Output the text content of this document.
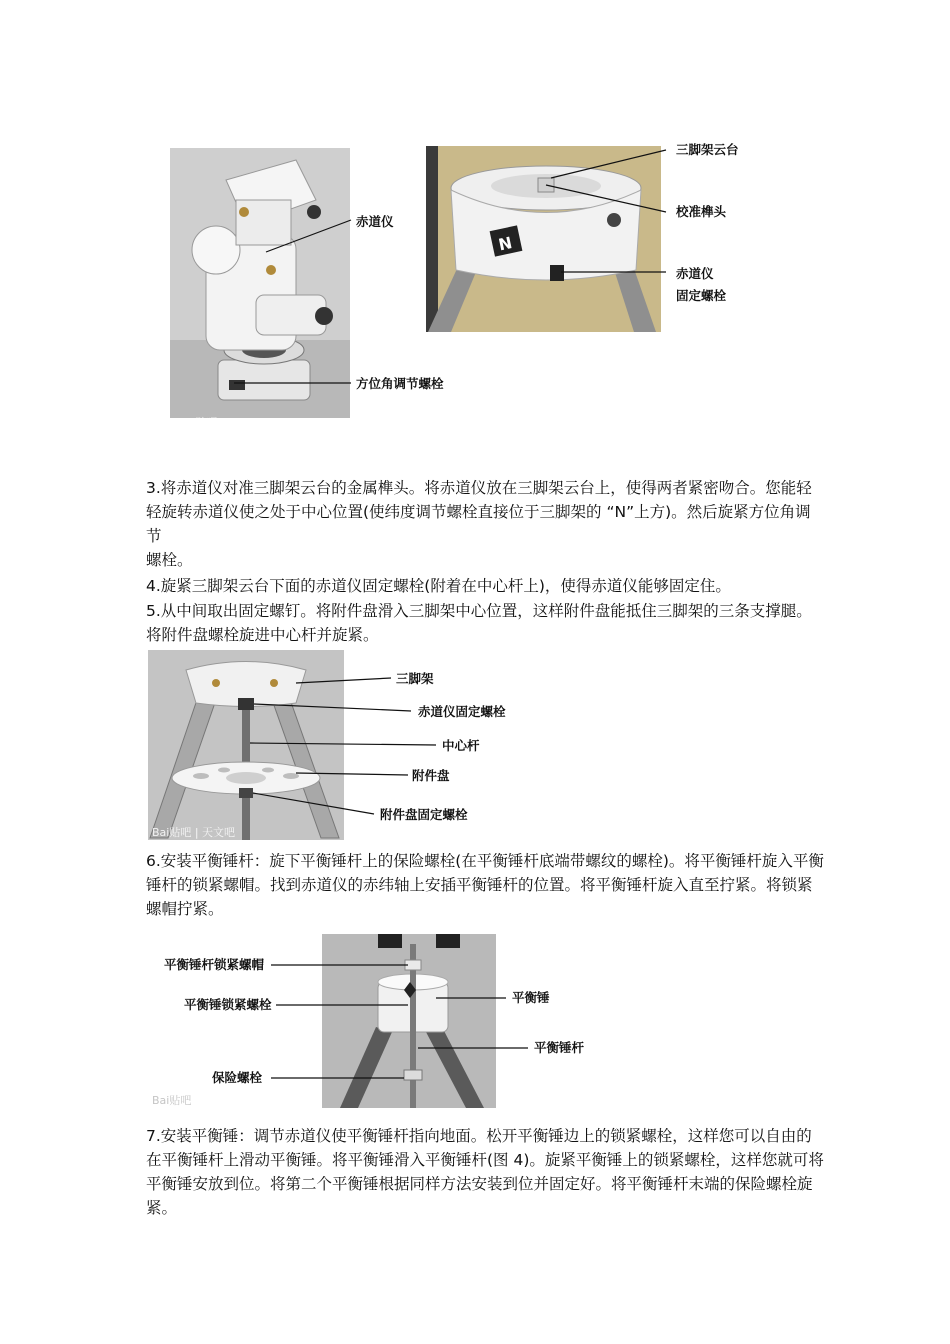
Bai贴吧 |
赤道仪
方位角调节螺栓
N
三脚架云台
校准榫头
赤道仪
固定螺栓

3.将赤道仪对准三脚架云台的金属榫头。将赤道仪放在三脚架云台上，使得两者紧密吻合。您能轻轻旋转赤道仪使之处于中心位置(使纬度调节螺栓直接位于三脚架的 “N”上方)。然后旋紧方位角调节

螺栓。

4.旋紧三脚架云台下面的赤道仪固定螺栓(附着在中心杆上)，使得赤道仪能够固定住。

5.从中间取出固定螺钉。将附件盘滑入三脚架中心位置，这样附件盘能抵住三脚架的三条支撑腿。将附件盘螺栓旋进中心杆并旋紧。

Bai贴吧 | 天文吧
三脚架
赤道仪固定螺栓
中心杆
附件盘
附件盘固定螺栓

6.安装平衡锤杆：旋下平衡锤杆上的保险螺栓(在平衡锤杆底端带螺纹的螺栓)。将平衡锤杆旋入平衡锤杆的锁紧螺帽。找到赤道仪的赤纬轴上安插平衡锤杆的位置。将平衡锤杆旋入直至拧紧。将锁紧螺帽拧紧。

Bai贴吧
平衡锤杆锁紧螺帽
平衡锤锁紧螺栓
保险螺栓
平衡锤
平衡锤杆

7.安装平衡锤：调节赤道仪使平衡锤杆指向地面。松开平衡锤边上的锁紧螺栓，这样您可以自由的在平衡锤杆上滑动平衡锤。将平衡锤滑入平衡锤杆(图 4)。旋紧平衡锤上的锁紧螺栓，这样您就可将平衡锤安放到位。将第二个平衡锤根据同样方法安装到位并固定好。将平衡锤杆末端的保险螺栓旋紧。
